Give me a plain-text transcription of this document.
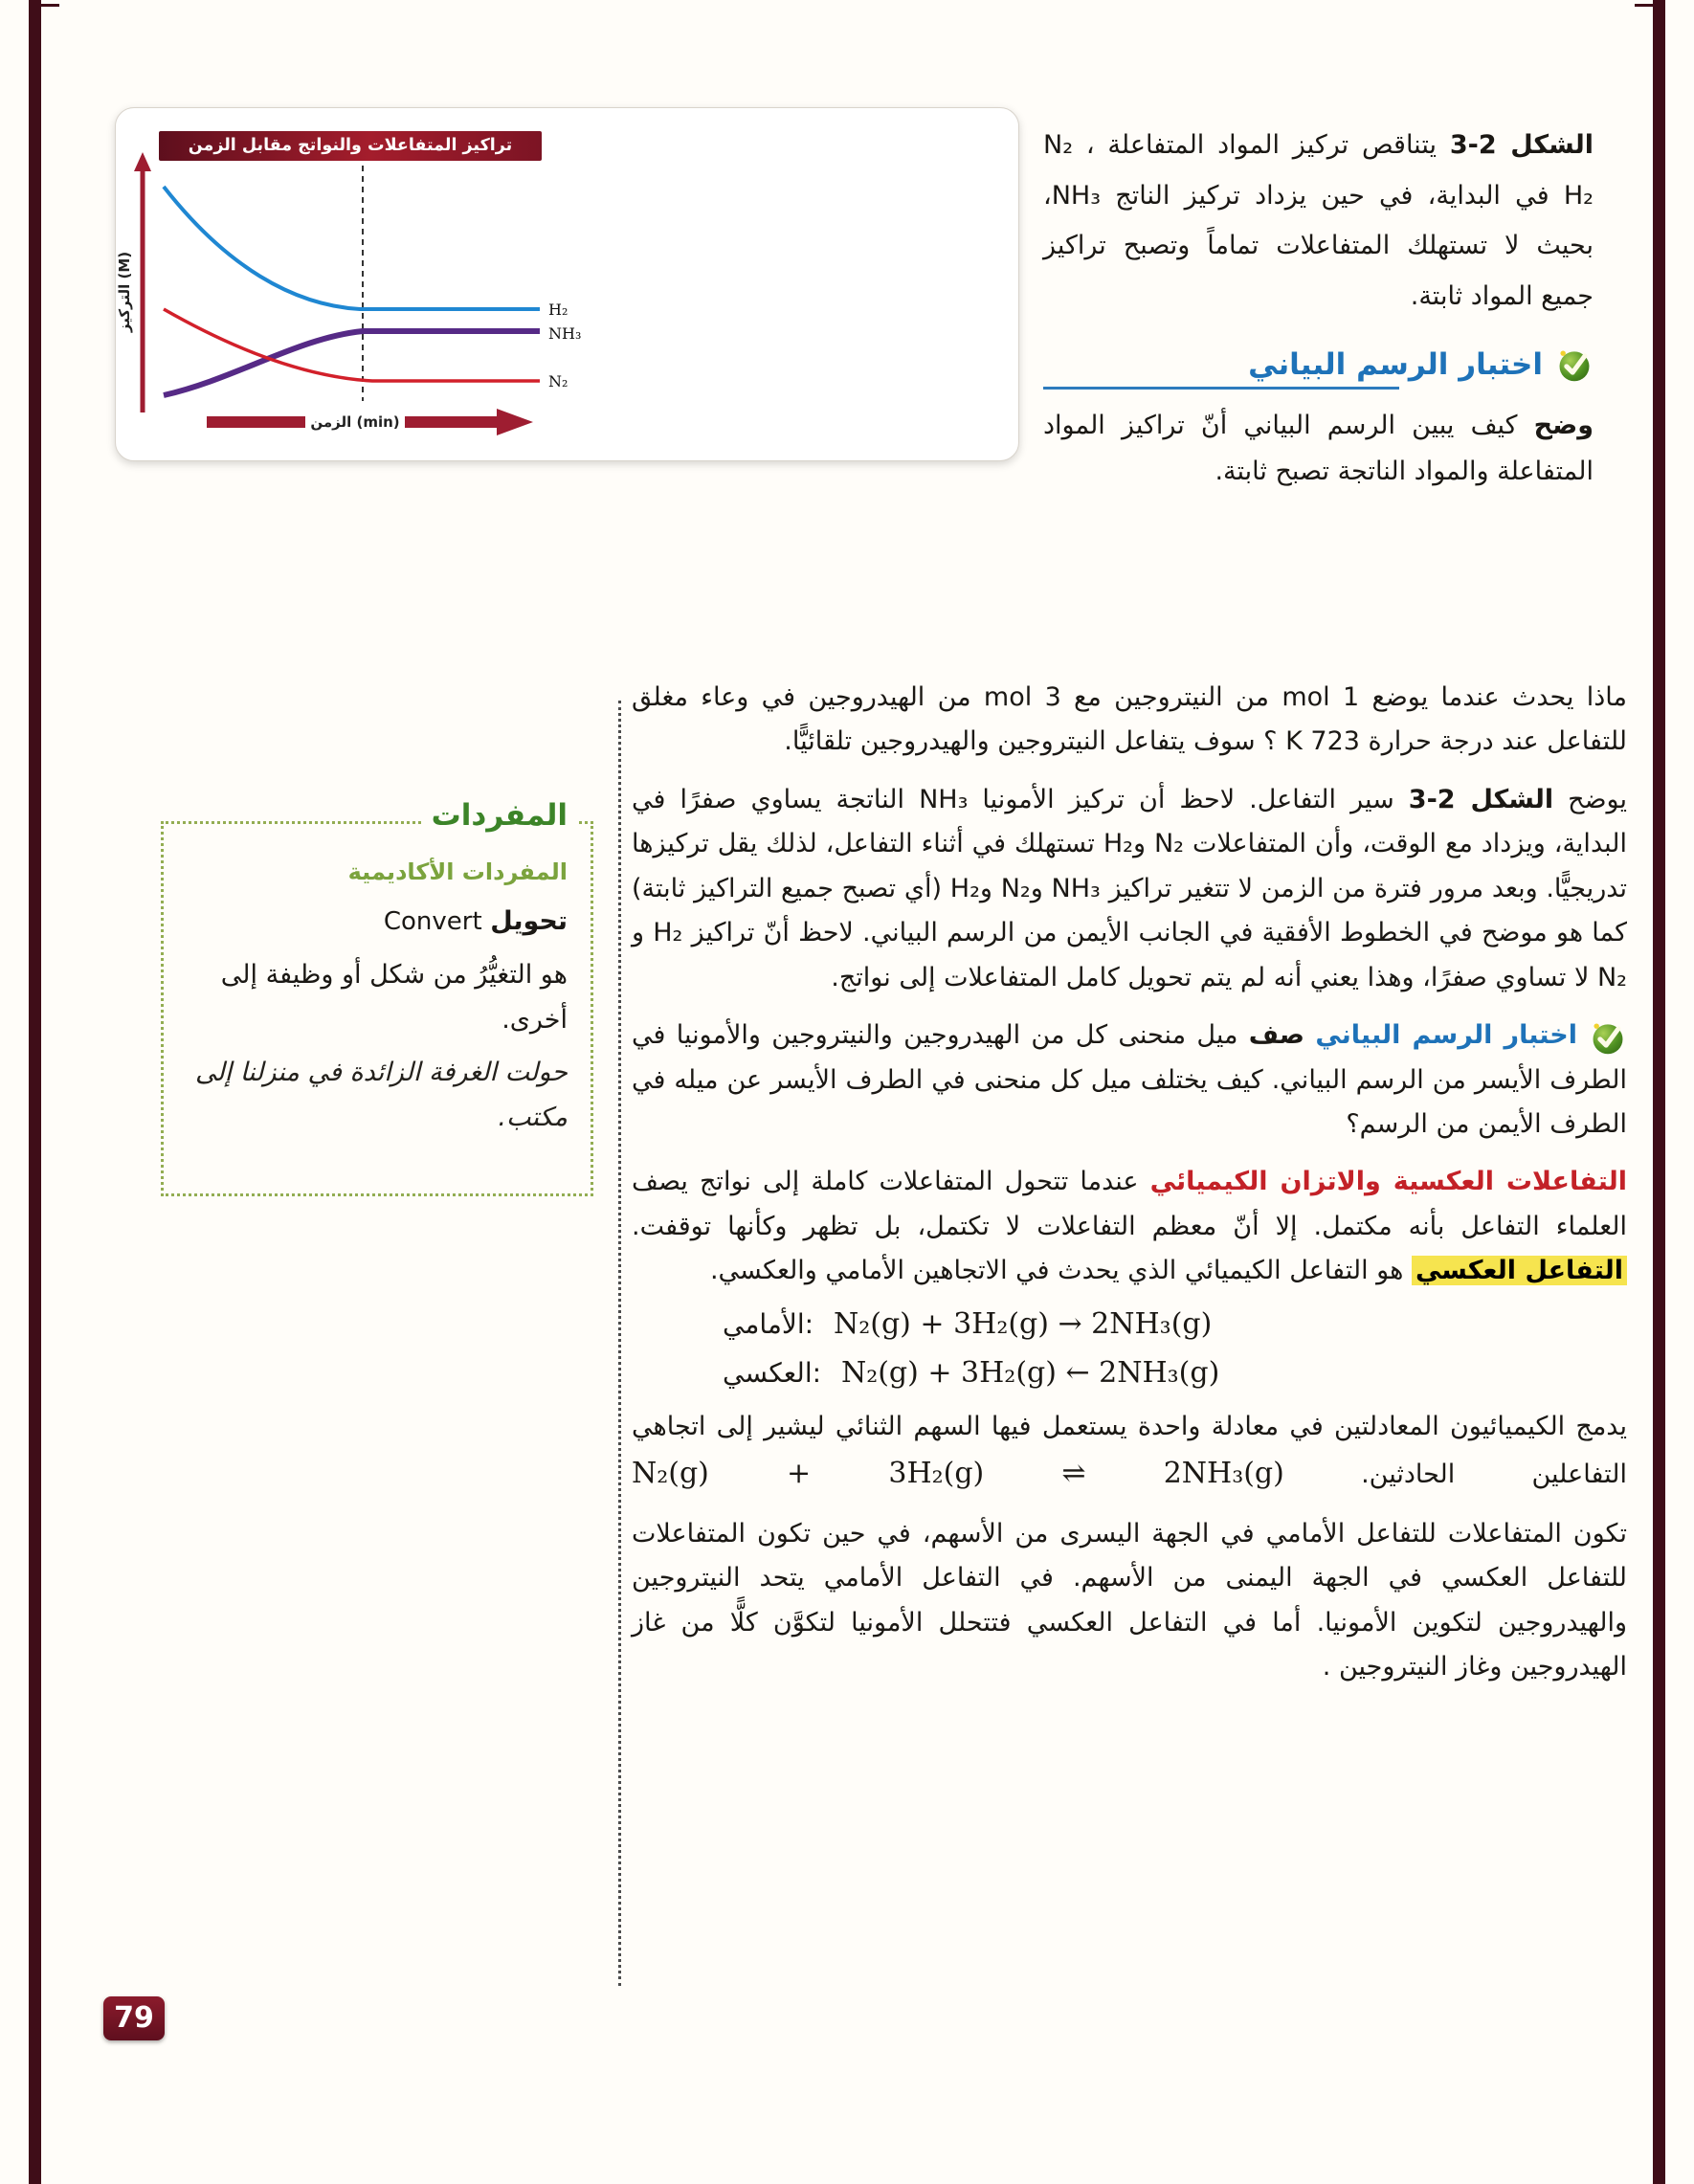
تراكيز المتفاعلات والنواتج مقابل الزمن
التركيز (M)
H₂
NH₃
N₂
الزمن (min)

الشكل 2-3 يتناقص تركيز المواد المتفاعلة N₂ ، H₂ في البداية، في حين يزداد تركيز الناتج NH₃، بحيث لا تستهلك المتفاعلات تماماً وتصبح تراكيز جميع المواد ثابتة.

اختبار الرسم البياني

وضح كيف يبين الرسم البياني أنّ تراكيز المواد المتفاعلة والمواد الناتجة تصبح ثابتة.

المفردات
المفردات الأكاديمية

تحويل Convert

هو التغيُّرُ من شكل أو وظيفة إلى أخرى.

حولت الغرفة الزائدة في منزلنا إلى مكتب.

ماذا يحدث عندما يوضع 1 mol من النيتروجين مع 3 mol من الهيدروجين في وعاء مغلق للتفاعل عند درجة حرارة 723 K ؟ سوف يتفاعل النيتروجين والهيدروجين تلقائيًّا.

يوضح الشكل 2-3 سير التفاعل. لاحظ أن تركيز الأمونيا NH₃ الناتجة يساوي صفرًا في البداية، ويزداد مع الوقت، وأن المتفاعلات N₂ وH₂ تستهلك في أثناء التفاعل، لذلك يقل تركيزها تدريجيًّا. وبعد مرور فترة من الزمن لا تتغير تراكيز NH₃ وN₂ وH₂ (أي تصبح جميع التراكيز ثابتة) كما هو موضح في الخطوط الأفقية في الجانب الأيمن من الرسم البياني. لاحظ أنّ تراكيز H₂ و N₂ لا تساوي صفرًا، وهذا يعني أنه لم يتم تحويل كامل المتفاعلات إلى نواتج.

اختبار الرسم البياني صف ميل منحنى كل من الهيدروجين والنيتروجين والأمونيا في الطرف الأيسر من الرسم البياني. كيف يختلف ميل كل منحنى في الطرف الأيسر عن ميله في الطرف الأيمن من الرسم؟

التفاعلات العكسية والاتزان الكيميائي عندما تتحول المتفاعلات كاملة إلى نواتج يصف العلماء التفاعل بأنه مكتمل. إلا أنّ معظم التفاعلات لا تكتمل، بل تظهر وكأنها توقفت. التفاعل العكسي هو التفاعل الكيميائي الذي يحدث في الاتجاهين الأمامي والعكسي.

الأمامي: N₂(g) + 3H₂(g) → 2NH₃(g)
العكسي: N₂(g) + 3H₂(g) ← 2NH₃(g)

يدمج الكيميائيون المعادلتين في معادلة واحدة يستعمل فيها السهم الثنائي ليشير إلى اتجاهي التفاعلين الحادثين. N₂(g) + 3H₂(g) ⇌ 2NH₃(g)

تكون المتفاعلات للتفاعل الأمامي في الجهة اليسرى من الأسهم، في حين تكون المتفاعلات للتفاعل العكسي في الجهة اليمنى من الأسهم. في التفاعل الأمامي يتحد النيتروجين والهيدروجين لتكوين الأمونيا. أما في التفاعل العكسي فتتحلل الأمونيا لتكوَّن كلًّا من غاز الهيدروجين وغاز النيتروجين .

79
